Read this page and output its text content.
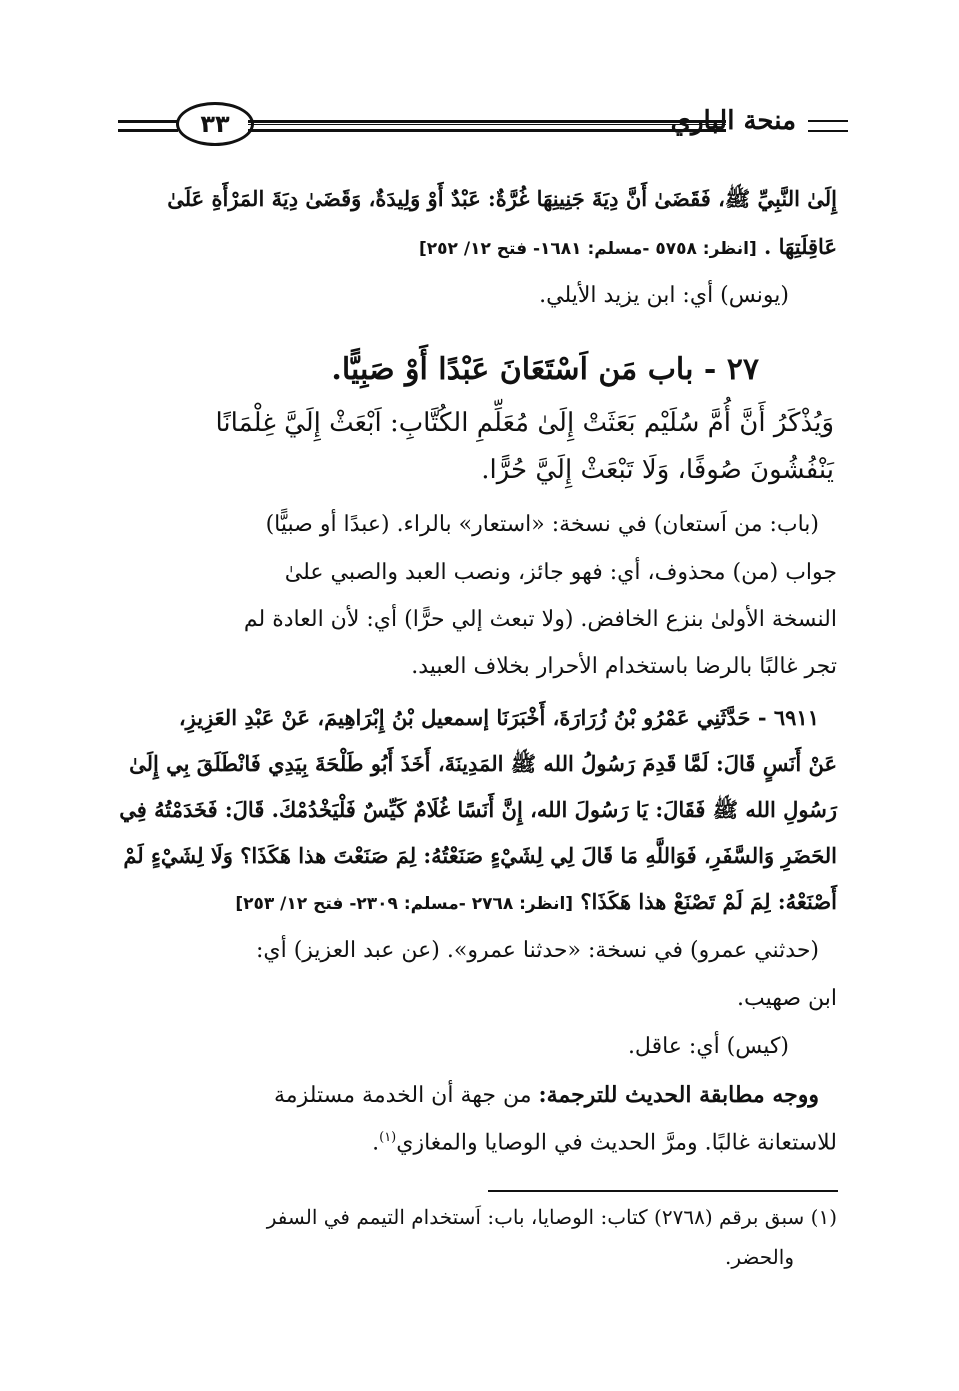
٣٣	منحة الباري

إِلَىٰ النَّبِيِّ ﷺ، فَقَضَىٰ أَنَّ دِيَةَ جَنِينِهَا غُرَّةٌ: عَبْدٌ أَوْ وَلِيدَةٌ، وَقَضَىٰ دِيَةَ المَرْأَةِ عَلَىٰ

عَاقِلَتِهَا . [انظر: ٥٧٥٨ -مسلم: ١٦٨١- فتح ١٢/ ٢٥٢]

(يونس) أي: ابن يزيد الأيلي.

٢٧ - باب مَن اَسْتَعَانَ عَبْدًا أَوْ صَبِيًّا.

وَيُذْكَرُ أَنَّ أُمَّ سُلَيْم بَعَثَتْ إِلَىٰ مُعَلِّمِ الكُتَّابِ: اَبْعَثْ إِلَيَّ غِلْمَانًا

يَنْفُشُونَ صُوفًا، وَلَا تَبْعَثْ إِلَيَّ حُرًّا.

(باب: من اَستعان) في نسخة: «استعار» بالراء. (عبدًا أو صبيًّا)

جواب (من) محذوف، أي: فهو جائز، ونصب العبد والصبي علىٰ

النسخة الأولىٰ بنزع الخافض. (ولا تبعث إلي حرًّا) أي: لأن العادة لم

تجر غالبًا بالرضا باستخدام الأحرار بخلاف العبيد.

٦٩١١ - حَدَّثَنِي عَمْرُو بْنُ زُرَارَةَ، أَخْبَرَنَا إسمعيل بْنُ إِبْرَاهِيمَ، عَنْ عَبْدِ العَزِيزِ،

عَنْ أَنَسٍ قَالَ: لَمَّا قَدِمَ رَسُولُ الله ﷺ المَدِينَةَ، أَخَذَ أَبُو طَلْحَةَ بِيَدِي فَانْطَلَقَ بِي إِلَىٰ

رَسُولِ الله ﷺ فَقَالَ: يَا رَسُولَ الله، إِنَّ أَنَسًا غُلَامٌ كَيِّسٌ فَلْيَخْدُمْكَ. قَالَ: فَخَدَمْتُهُ فِي

الحَضَرِ وَالسَّفَرِ، فَوَاللَّهِ مَا قَالَ لِي لِشَيْءٍ صَنَعْتُهُ: لِمَ صَنَعْتَ هذا هَكَذَا؟ وَلَا لِشَيْءٍ لَمْ

أَصْنَعْهُ: لِمَ لَمْ تَصْنَعْ هذا هَكَذَا؟ [انظر: ٢٧٦٨ -مسلم: ٢٣٠٩- فتح ١٢/ ٢٥٣]

(حدثني عمرو) في نسخة: «حدثنا عمرو». (عن عبد العزيز) أي:

ابن صهيب.

(كيس) أي: عاقل.

ووجه مطابقة الحديث للترجمة: من جهة أن الخدمة مستلزمة

للاستعانة غالبًا. ومرَّ الحديث في الوصايا والمغازي$^{(١)}$.

(١) سبق برقم (٢٧٦٨) كتاب: الوصايا، باب: اَستخدام التيمم في السفر

والحضر.
